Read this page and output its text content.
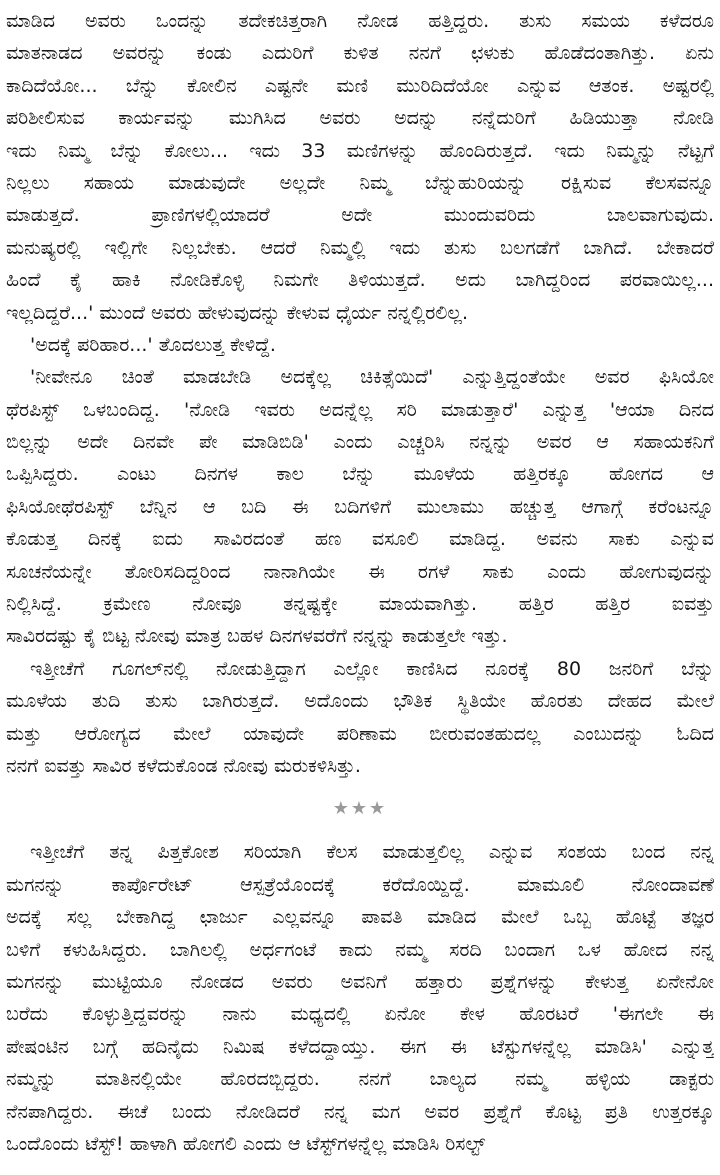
ಮಾಡಿದ ಅವರು ಒಂದನ್ನು ತದೇಕಚಿತ್ತರಾಗಿ ನೋಡ ಹತ್ತಿದ್ದರು. ತುಸು ಸಮಯ ಕಳೆದರೂ
ಮಾತನಾಡದ ಅವರನ್ನು ಕಂಡು ಎದುರಿಗೆ ಕುಳಿತ ನನಗೆ ಛಳುಕು ಹೊಡೆದಂತಾಗಿತ್ತು. ಏನು
ಕಾದಿದೆಯೋ... ಬೆನ್ನು ಕೋಲಿನ ಎಷ್ಟನೇ ಮಣಿ ಮುರಿದಿದೆಯೋ ಎನ್ನುವ ಆತಂಕ. ಅಷ್ಟರಲ್ಲಿ
ಪರಿಶೀಲಿಸುವ ಕಾರ್ಯವನ್ನು ಮುಗಿಸಿದ ಅವರು ಅದನ್ನು ನನ್ನೆದುರಿಗೆ ಹಿಡಿಯುತ್ತಾ ನೋಡಿ
ಇದು ನಿಮ್ಮ ಬೆನ್ನು ಕೋಲು... ಇದು 33 ಮಣಿಗಳನ್ನು ಹೊಂದಿರುತ್ತದೆ. ಇದು ನಿಮ್ಮನ್ನು ನೆಟ್ಟಗೆ
ನಿಲ್ಲಲು ಸಹಾಯ ಮಾಡುವುದೇ ಅಲ್ಲದೇ ನಿಮ್ಮ ಬೆನ್ನುಹುರಿಯನ್ನು ರಕ್ಷಿಸುವ ಕೆಲಸವನ್ನೂ
ಮಾಡುತ್ತದೆ. ಪ್ರಾಣಿಗಳಲ್ಲಿಯಾದರೆ ಅದೇ ಮುಂದುವರಿದು ಬಾಲವಾಗುವುದು.
ಮನುಷ್ಯರಲ್ಲಿ ಇಲ್ಲಿಗೇ ನಿಲ್ಲಬೇಕು. ಆದರೆ ನಿಮ್ಮಲ್ಲಿ ಇದು ತುಸು ಬಲಗಡೆಗೆ ಬಾಗಿದೆ. ಬೇಕಾದರೆ
ಹಿಂದೆ ಕೈ ಹಾಕಿ ನೋಡಿಕೊಳ್ಳಿ ನಿಮಗೇ ತಿಳಿಯುತ್ತದೆ. ಅದು ಬಾಗಿದ್ದರಿಂದ ಪರವಾಯಿಲ್ಲ...
ಇಲ್ಲದಿದ್ದರೆ...' ಮುಂದೆ ಅವರು ಹೇಳುವುದನ್ನು ಕೇಳುವ ಧೈರ್ಯ ನನ್ನಲ್ಲಿರಲಿಲ್ಲ.
'ಅದಕ್ಕೆ ಪರಿಹಾರ...' ತೊದಲುತ್ತ ಕೇಳಿದ್ದೆ.
'ನೀವೇನೂ ಚಿಂತೆ ಮಾಡಬೇಡಿ ಅದಕ್ಕೆಲ್ಲ ಚಿಕಿತ್ಸೆಯಿದೆ' ಎನ್ನುತ್ತಿದ್ದಂತೆಯೇ ಅವರ ಫಿಸಿಯೋ
ಥೆರಪಿಸ್ಟ್ ಒಳಬಂದಿದ್ದ. 'ನೋಡಿ ಇವರು ಅದನ್ನೆಲ್ಲ ಸರಿ ಮಾಡುತ್ತಾರೆ' ಎನ್ನುತ್ತ 'ಆಯಾ ದಿನದ
ಬಿಲ್ಲನ್ನು ಅದೇ ದಿನವೇ ಪೇ ಮಾಡಿಬಿಡಿ' ಎಂದು ಎಚ್ಚರಿಸಿ ನನ್ನನ್ನು ಅವರ ಆ ಸಹಾಯಕನಿಗೆ
ಒಪ್ಪಿಸಿದ್ದರು. ಎಂಟು ದಿನಗಳ ಕಾಲ ಬೆನ್ನು ಮೂಳೆಯ ಹತ್ತಿರಕ್ಕೂ ಹೋಗದ ಆ
ಫಿಸಿಯೋಥೆರಪಿಸ್ಟ್ ಬೆನ್ನಿನ ಆ ಬದಿ ಈ ಬದಿಗಳಿಗೆ ಮುಲಾಮು ಹಚ್ಚುತ್ತ ಆಗಾಗ್ಗೆ ಕರೆಂಟನ್ನೂ
ಕೊಡುತ್ತ ದಿನಕ್ಕೆ ಐದು ಸಾವಿರದಂತೆ ಹಣ ವಸೂಲಿ ಮಾಡಿದ್ದ. ಅವನು ಸಾಕು ಎನ್ನುವ
ಸೂಚನೆಯನ್ನೇ ತೋರಿಸದಿದ್ದರಿಂದ ನಾನಾಗಿಯೇ ಈ ರಗಳೆ ಸಾಕು ಎಂದು ಹೋಗುವುದನ್ನು
ನಿಲ್ಲಿಸಿದ್ದೆ. ಕ್ರಮೇಣ ನೋವೂ ತನ್ನಷ್ಟಕ್ಕೇ ಮಾಯವಾಗಿತ್ತು. ಹತ್ತಿರ ಹತ್ತಿರ ಐವತ್ತು
ಸಾವಿರದಷ್ಟು ಕೈ ಬಿಟ್ಟ ನೋವು ಮಾತ್ರ ಬಹಳ ದಿನಗಳವರೆಗೆ ನನ್ನನ್ನು ಕಾಡುತ್ತಲೇ ಇತ್ತು.
ಇತ್ತೀಚೆಗೆ ಗೂಗಲ್‌ನಲ್ಲಿ ನೋಡುತ್ತಿದ್ದಾಗ ಎಲ್ಲೋ ಕಾಣಿಸಿದ ನೂರಕ್ಕೆ 80 ಜನರಿಗೆ ಬೆನ್ನು
ಮೂಳೆಯ ತುದಿ ತುಸು ಬಾಗಿರುತ್ತದೆ. ಅದೊಂದು ಭೌತಿಕ ಸ್ಥಿತಿಯೇ ಹೊರತು ದೇಹದ ಮೇಲೆ
ಮತ್ತು ಆರೋಗ್ಯದ ಮೇಲೆ ಯಾವುದೇ ಪರಿಣಾಮ ಬೀರುವಂತಹುದಲ್ಲ ಎಂಬುದನ್ನು ಓದಿದ
ನನಗೆ ಐವತ್ತು ಸಾವಿರ ಕಳೆದುಕೊಂಡ ನೋವು ಮರುಕಳಿಸಿತ್ತು.
★★★
ಇತ್ತೀಚೆಗೆ ತನ್ನ ಪಿತ್ತಕೋಶ ಸರಿಯಾಗಿ ಕೆಲಸ ಮಾಡುತ್ತಲಿಲ್ಲ ಎನ್ನುವ ಸಂಶಯ ಬಂದ ನನ್ನ
ಮಗನನ್ನು ಕಾರ್ಪೊರೇಟ್ ಆಸ್ಪತ್ರೆಯೊಂದಕ್ಕೆ ಕರೆದೊಯ್ದಿದ್ದೆ. ಮಾಮೂಲಿ ನೋಂದಾವಣೆ
ಅದಕ್ಕೆ ಸಲ್ಲ ಬೇಕಾಗಿದ್ದ ಛಾರ್ಜು ಎಲ್ಲವನ್ನೂ ಪಾವತಿ ಮಾಡಿದ ಮೇಲೆ ಒಬ್ಬ ಹೊಟ್ಟೆ ತಜ್ಞರ
ಬಳಿಗೆ ಕಳುಹಿಸಿದ್ದರು. ಬಾಗಿಲಲ್ಲಿ ಅರ್ಧಗಂಟೆ ಕಾದು ನಮ್ಮ ಸರದಿ ಬಂದಾಗ ಒಳ ಹೋದ ನನ್ನ
ಮಗನನ್ನು ಮುಟ್ಟಿಯೂ ನೋಡದ ಅವರು ಅವನಿಗೆ ಹತ್ತಾರು ಪ್ರಶ್ನೆಗಳನ್ನು ಕೇಳುತ್ತ ಏನೇನೋ
ಬರೆದು ಕೊಳ್ಳುತ್ತಿದ್ದವರನ್ನು ನಾನು ಮಧ್ಯದಲ್ಲಿ ಏನೋ ಕೇಳ ಹೊರಟರೆ 'ಈಗಲೇ ಈ
ಪೇಷಂಟಿನ ಬಗ್ಗೆ ಹದಿನೈದು ನಿಮಿಷ ಕಳೆದದ್ದಾಯ್ತು. ಈಗ ಈ ಟೆಸ್ಟುಗಳನ್ನೆಲ್ಲ ಮಾಡಿಸಿ' ಎನ್ನುತ್ತ
ನಮ್ಮನ್ನು ಮಾತಿನಲ್ಲಿಯೇ ಹೊರದಬ್ಬಿದ್ದರು. ನನಗೆ ಬಾಲ್ಯದ ನಮ್ಮ ಹಳ್ಳಿಯ ಡಾಕ್ಟರು
ನೆನಪಾಗಿದ್ದರು. ಈಚೆ ಬಂದು ನೋಡಿದರೆ ನನ್ನ ಮಗ ಅವರ ಪ್ರಶ್ನೆಗೆ ಕೊಟ್ಟ ಪ್ರತಿ ಉತ್ತರಕ್ಕೂ
ಒಂದೊಂದು ಟೆಸ್ಟ್! ಹಾಳಾಗಿ ಹೋಗಲಿ ಎಂದು ಆ ಟೆಸ್ಟ್‌ಗಳನ್ನೆಲ್ಲ ಮಾಡಿಸಿ ರಿಸಲ್ಟ್
